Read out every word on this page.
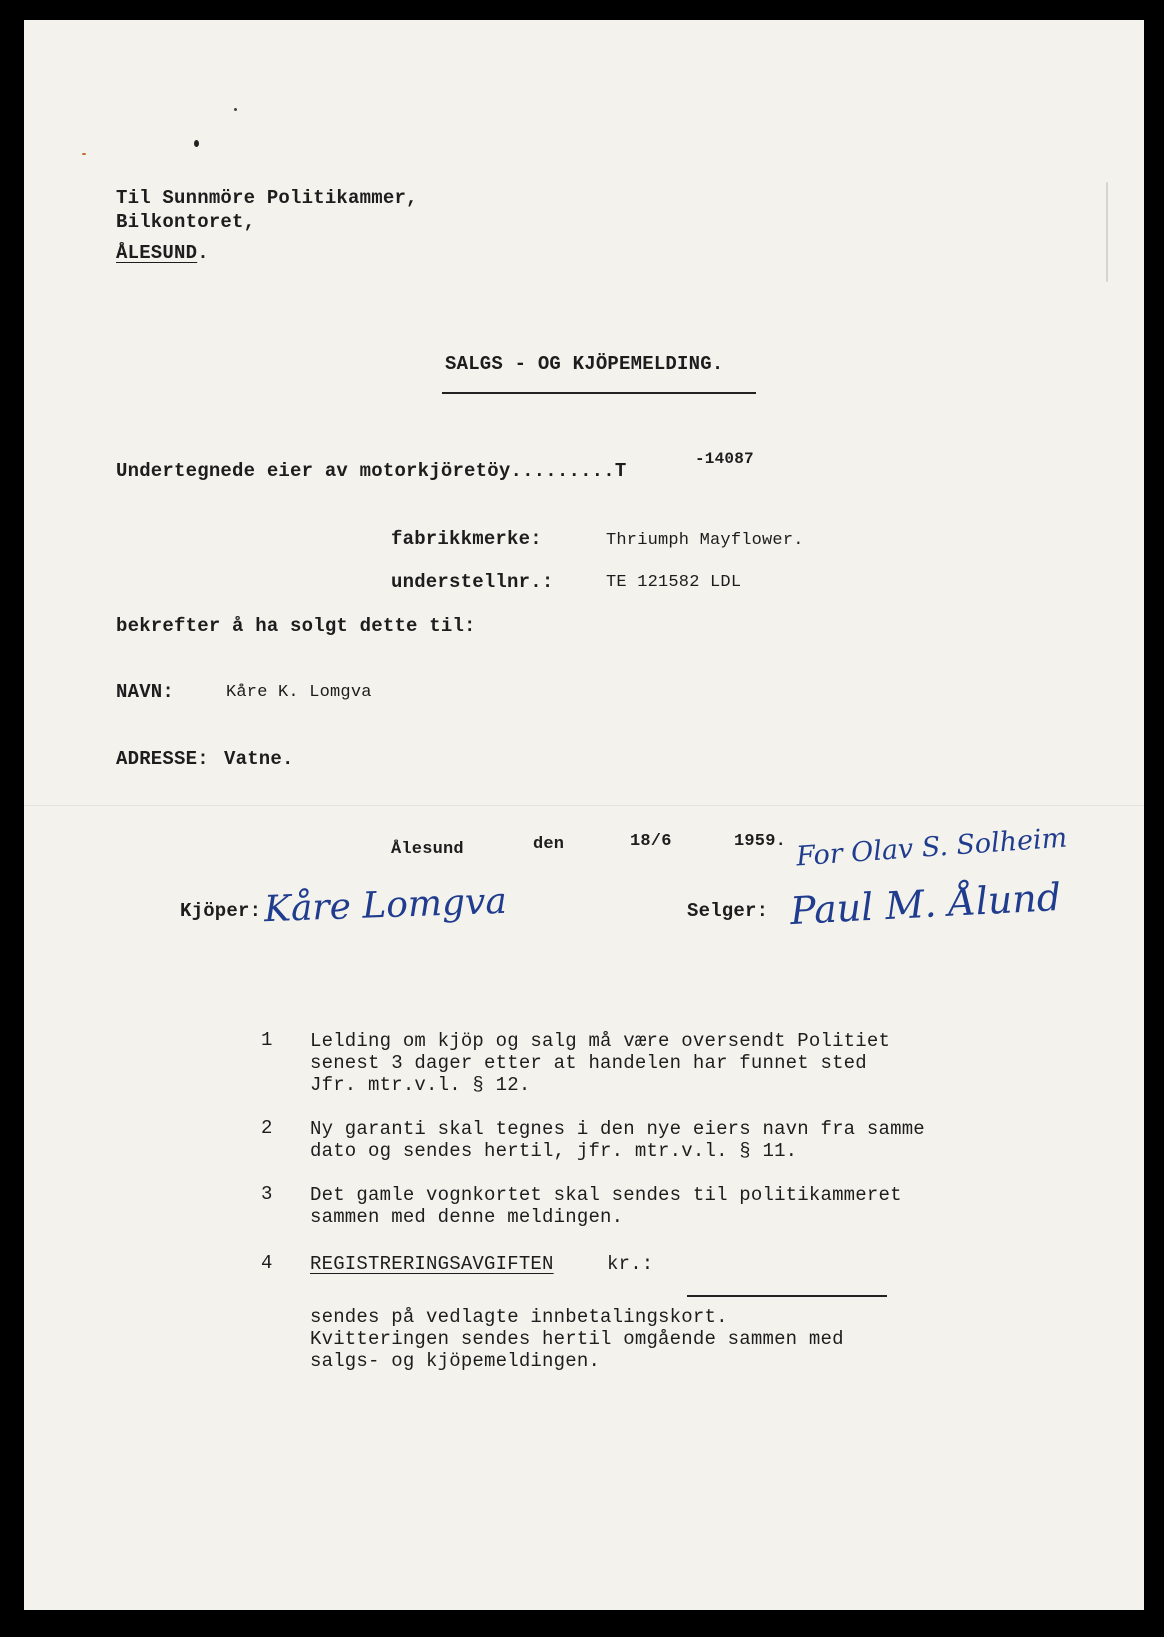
Til Sunnmöre Politikammer,
Bilkontoret,
ÅLESUND.
SALGS - OG KJÖPEMELDING.
Undertegnede eier av motorkjöretöy.........T
-14087
fabrikkmerke:	Thriumph Mayflower.
understellnr.:	TE 121582 LDL
bekrefter å ha solgt dette til:
NAVN:	Kåre K. Lomgva
ADRESSE: Vatne.
Ålesund	den	18/6	1959.
Kjöper: Kåre Lomgva	Selger:
For Olav S. Solheim
Paul M. Ålund
1 Lelding om kjöp og salg må være oversendt Politiet
senest 3 dager etter at handelen har funnet sted
Jfr. mtr.v.l. § 12.
2 Ny garanti skal tegnes i den nye eiers navn fra samme
dato og sendes hertil, jfr. mtr.v.l. § 11.
3 Det gamle vognkortet skal sendes til politikammeret
sammen med denne meldingen.
4 REGISTRERINGSAVGIFTEN	kr.:
sendes på vedlagte innbetalingskort.
Kvitteringen sendes hertil omgående sammen med
salgs- og kjöpemeldingen.
